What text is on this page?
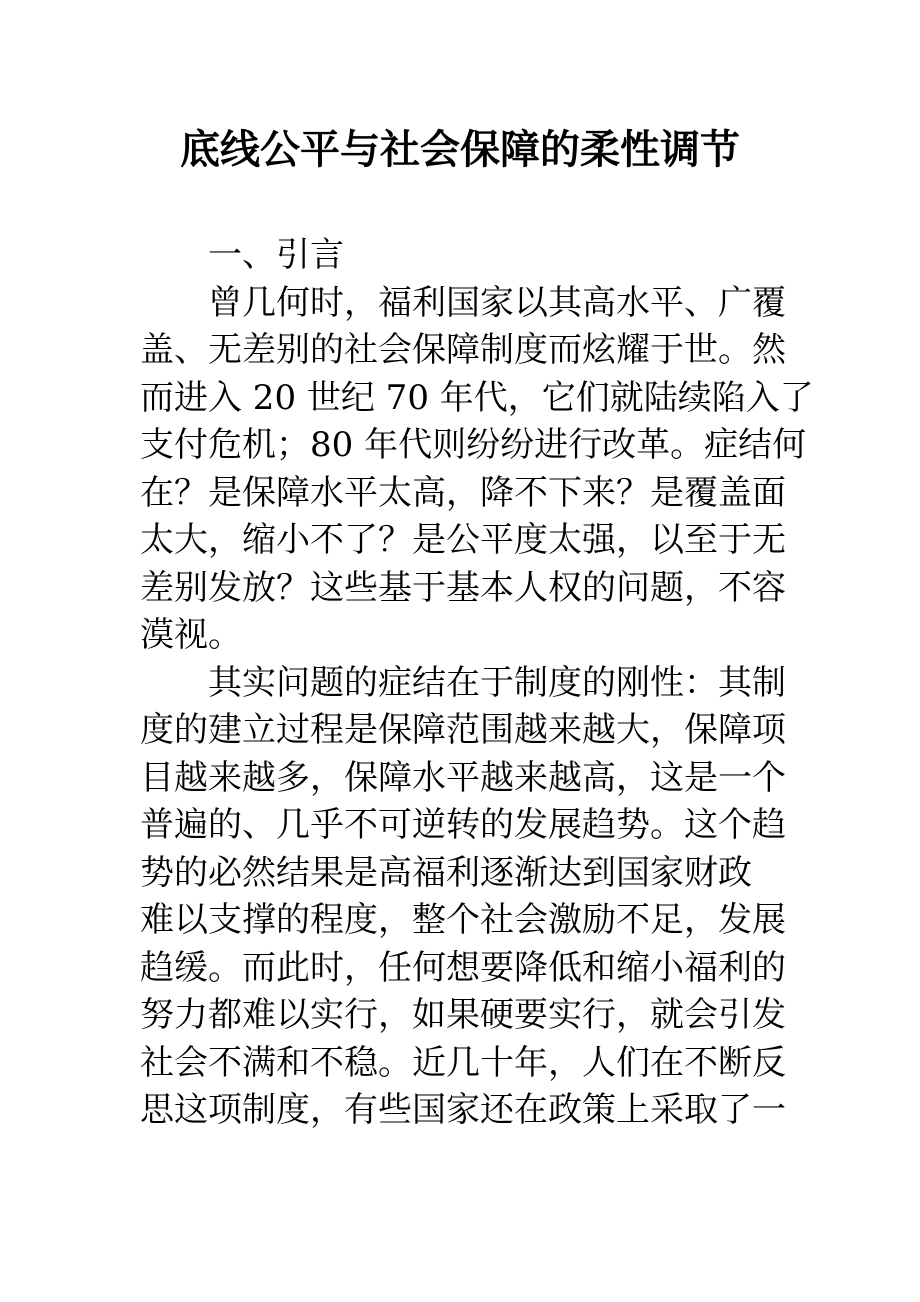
底线公平与社会保障的柔性调节
一、引言
曾几何时，福利国家以其高水平、广覆
盖、无差别的社会保障制度而炫耀于世。然
而进入 20 世纪 70 年代，它们就陆续陷入了
支付危机；80 年代则纷纷进行改革。症结何
在？是保障水平太高，降不下来？是覆盖面
太大，缩小不了？是公平度太强，以至于无
差别发放？这些基于基本人权的问题，不容
漠视。
其实问题的症结在于制度的刚性：其制
度的建立过程是保障范围越来越大，保障项
目越来越多，保障水平越来越高，这是一个
普遍的、几乎不可逆转的发展趋势。这个趋
势的必然结果是高福利逐渐达到国家财政
难以支撑的程度，整个社会激励不足，发展
趋缓。而此时，任何想要降低和缩小福利的
努力都难以实行，如果硬要实行，就会引发
社会不满和不稳。近几十年，人们在不断反
思这项制度，有些国家还在政策上采取了一
